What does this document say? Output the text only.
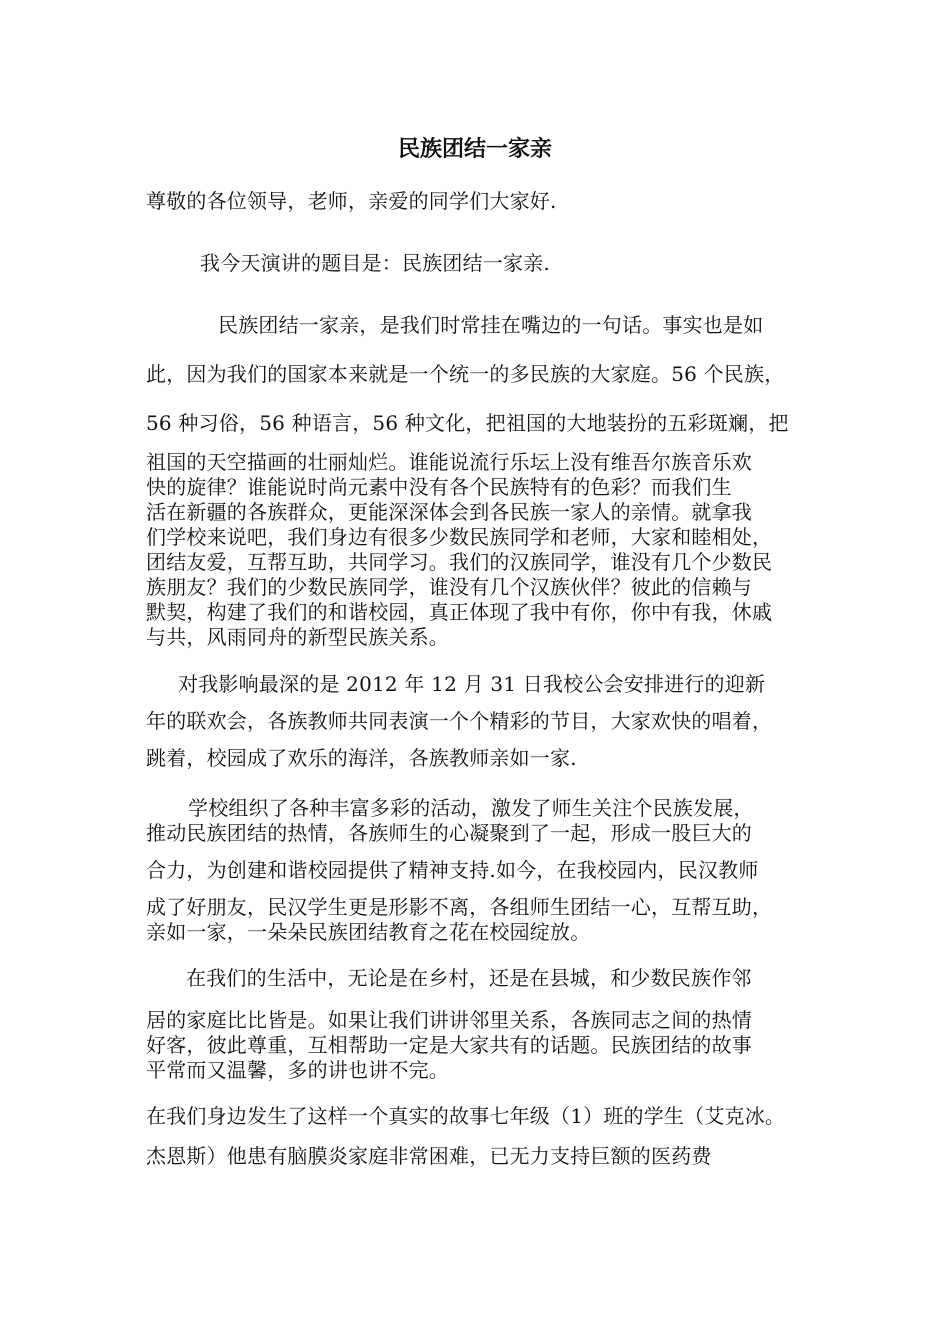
民族团结一家亲
尊敬的各位领导，老师，亲爱的同学们大家好.
我今天演讲的题目是：民族团结一家亲.
民族团结一家亲，是我们时常挂在嘴边的一句话。事实也是如
此，因为我们的国家本来就是一个统一的多民族的大家庭。56 个民族，
56 种习俗，56 种语言，56 种文化，把祖国的大地装扮的五彩斑斓，把
祖国的天空描画的壮丽灿烂。谁能说流行乐坛上没有维吾尔族音乐欢
快的旋律？谁能说时尚元素中没有各个民族特有的色彩？而我们生
活在新疆的各族群众，更能深深体会到各民族一家人的亲情。就拿我
们学校来说吧，我们身边有很多少数民族同学和老师，大家和睦相处，
团结友爱，互帮互助，共同学习。我们的汉族同学，谁没有几个少数民
族朋友？我们的少数民族同学，谁没有几个汉族伙伴？彼此的信赖与
默契，构建了我们的和谐校园，真正体现了我中有你，你中有我，休戚
与共，风雨同舟的新型民族关系。
对我影响最深的是 2012 年 12 月 31 日我校公会安排进行的迎新
年的联欢会，各族教师共同表演一个个精彩的节目，大家欢快的唱着，
跳着，校园成了欢乐的海洋，各族教师亲如一家.
学校组织了各种丰富多彩的活动，激发了师生关注个民族发展，
推动民族团结的热情，各族师生的心凝聚到了一起，形成一股巨大的
合力，为创建和谐校园提供了精神支持.如今，在我校园内，民汉教师
成了好朋友，民汉学生更是形影不离，各组师生团结一心，互帮互助，
亲如一家，一朵朵民族团结教育之花在校园绽放。
在我们的生活中，无论是在乡村，还是在县城，和少数民族作邻
居的家庭比比皆是。如果让我们讲讲邻里关系，各族同志之间的热情
好客，彼此尊重，互相帮助一定是大家共有的话题。民族团结的故事
平常而又温馨，多的讲也讲不完。
在我们身边发生了这样一个真实的故事七年级（1）班的学生（艾克冰。
杰恩斯）他患有脑膜炎家庭非常困难，已无力支持巨额的医药费
